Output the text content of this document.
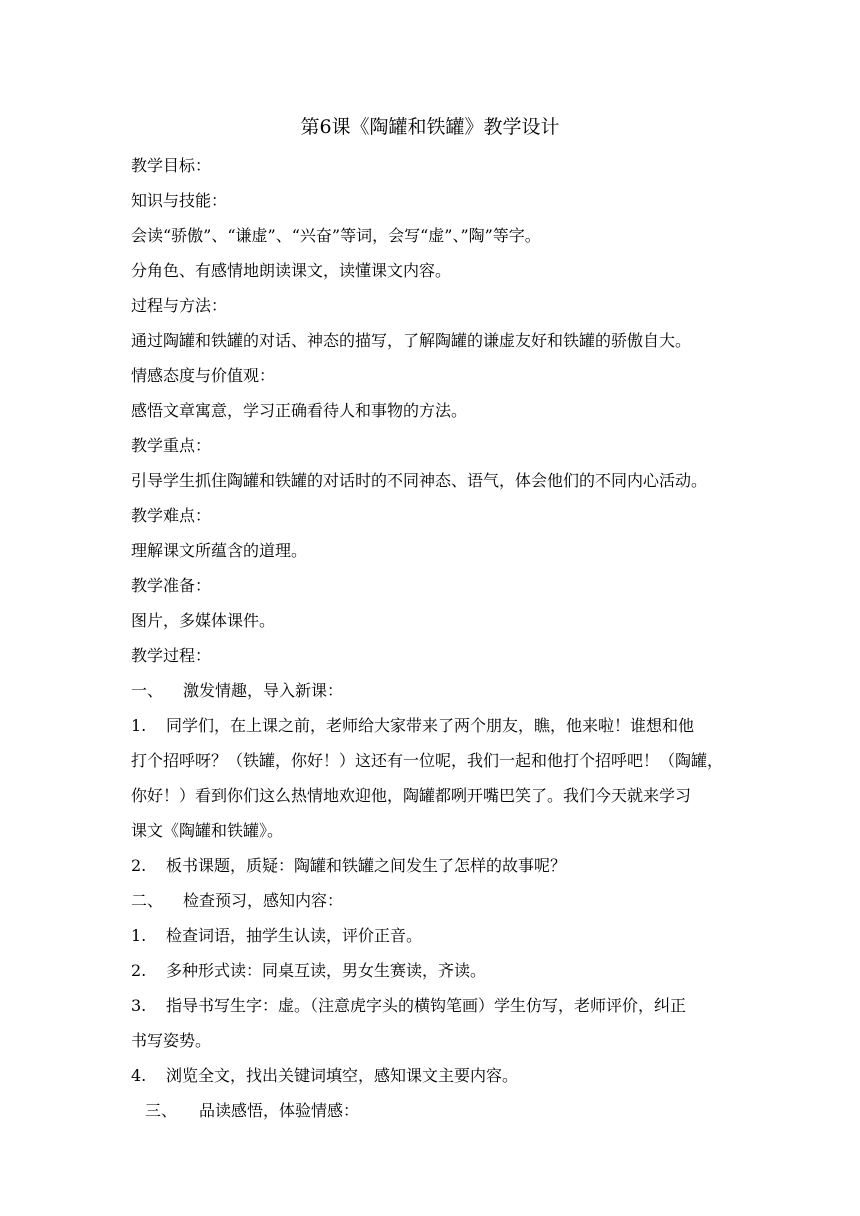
第6课《陶罐和铁罐》教学设计
教学目标：
知识与技能：
会读“骄傲”、“谦虚”、“兴奋”等词，会写“虚”、”陶”等字。
分角色、有感情地朗读课文，读懂课文内容。
过程与方法：
通过陶罐和铁罐的对话、神态的描写，了解陶罐的谦虚友好和铁罐的骄傲自大。
情感态度与价值观：
感悟文章寓意，学习正确看待人和事物的方法。
教学重点：
引导学生抓住陶罐和铁罐的对话时的不同神态、语气，体会他们的不同内心活动。
教学难点：
理解课文所蕴含的道理。
教学准备：
图片，多媒体课件。
教学过程：
一、 激发情趣，导入新课：
1. 同学们，在上课之前，老师给大家带来了两个朋友，瞧，他来啦！谁想和他
打个招呼呀？（铁罐，你好！）这还有一位呢，我们一起和他打个招呼吧！（陶罐，
你好！）看到你们这么热情地欢迎他，陶罐都咧开嘴巴笑了。我们今天就来学习
课文《陶罐和铁罐》。
2. 板书课题，质疑：陶罐和铁罐之间发生了怎样的故事呢？
二、 检查预习，感知内容：
1. 检查词语，抽学生认读，评价正音。
2. 多种形式读：同桌互读，男女生赛读，齐读。
3. 指导书写生字：虚。（注意虎字头的横钩笔画）学生仿写，老师评价，纠正
书写姿势。
4. 浏览全文，找出关键词填空，感知课文主要内容。
三、 品读感悟，体验情感：
